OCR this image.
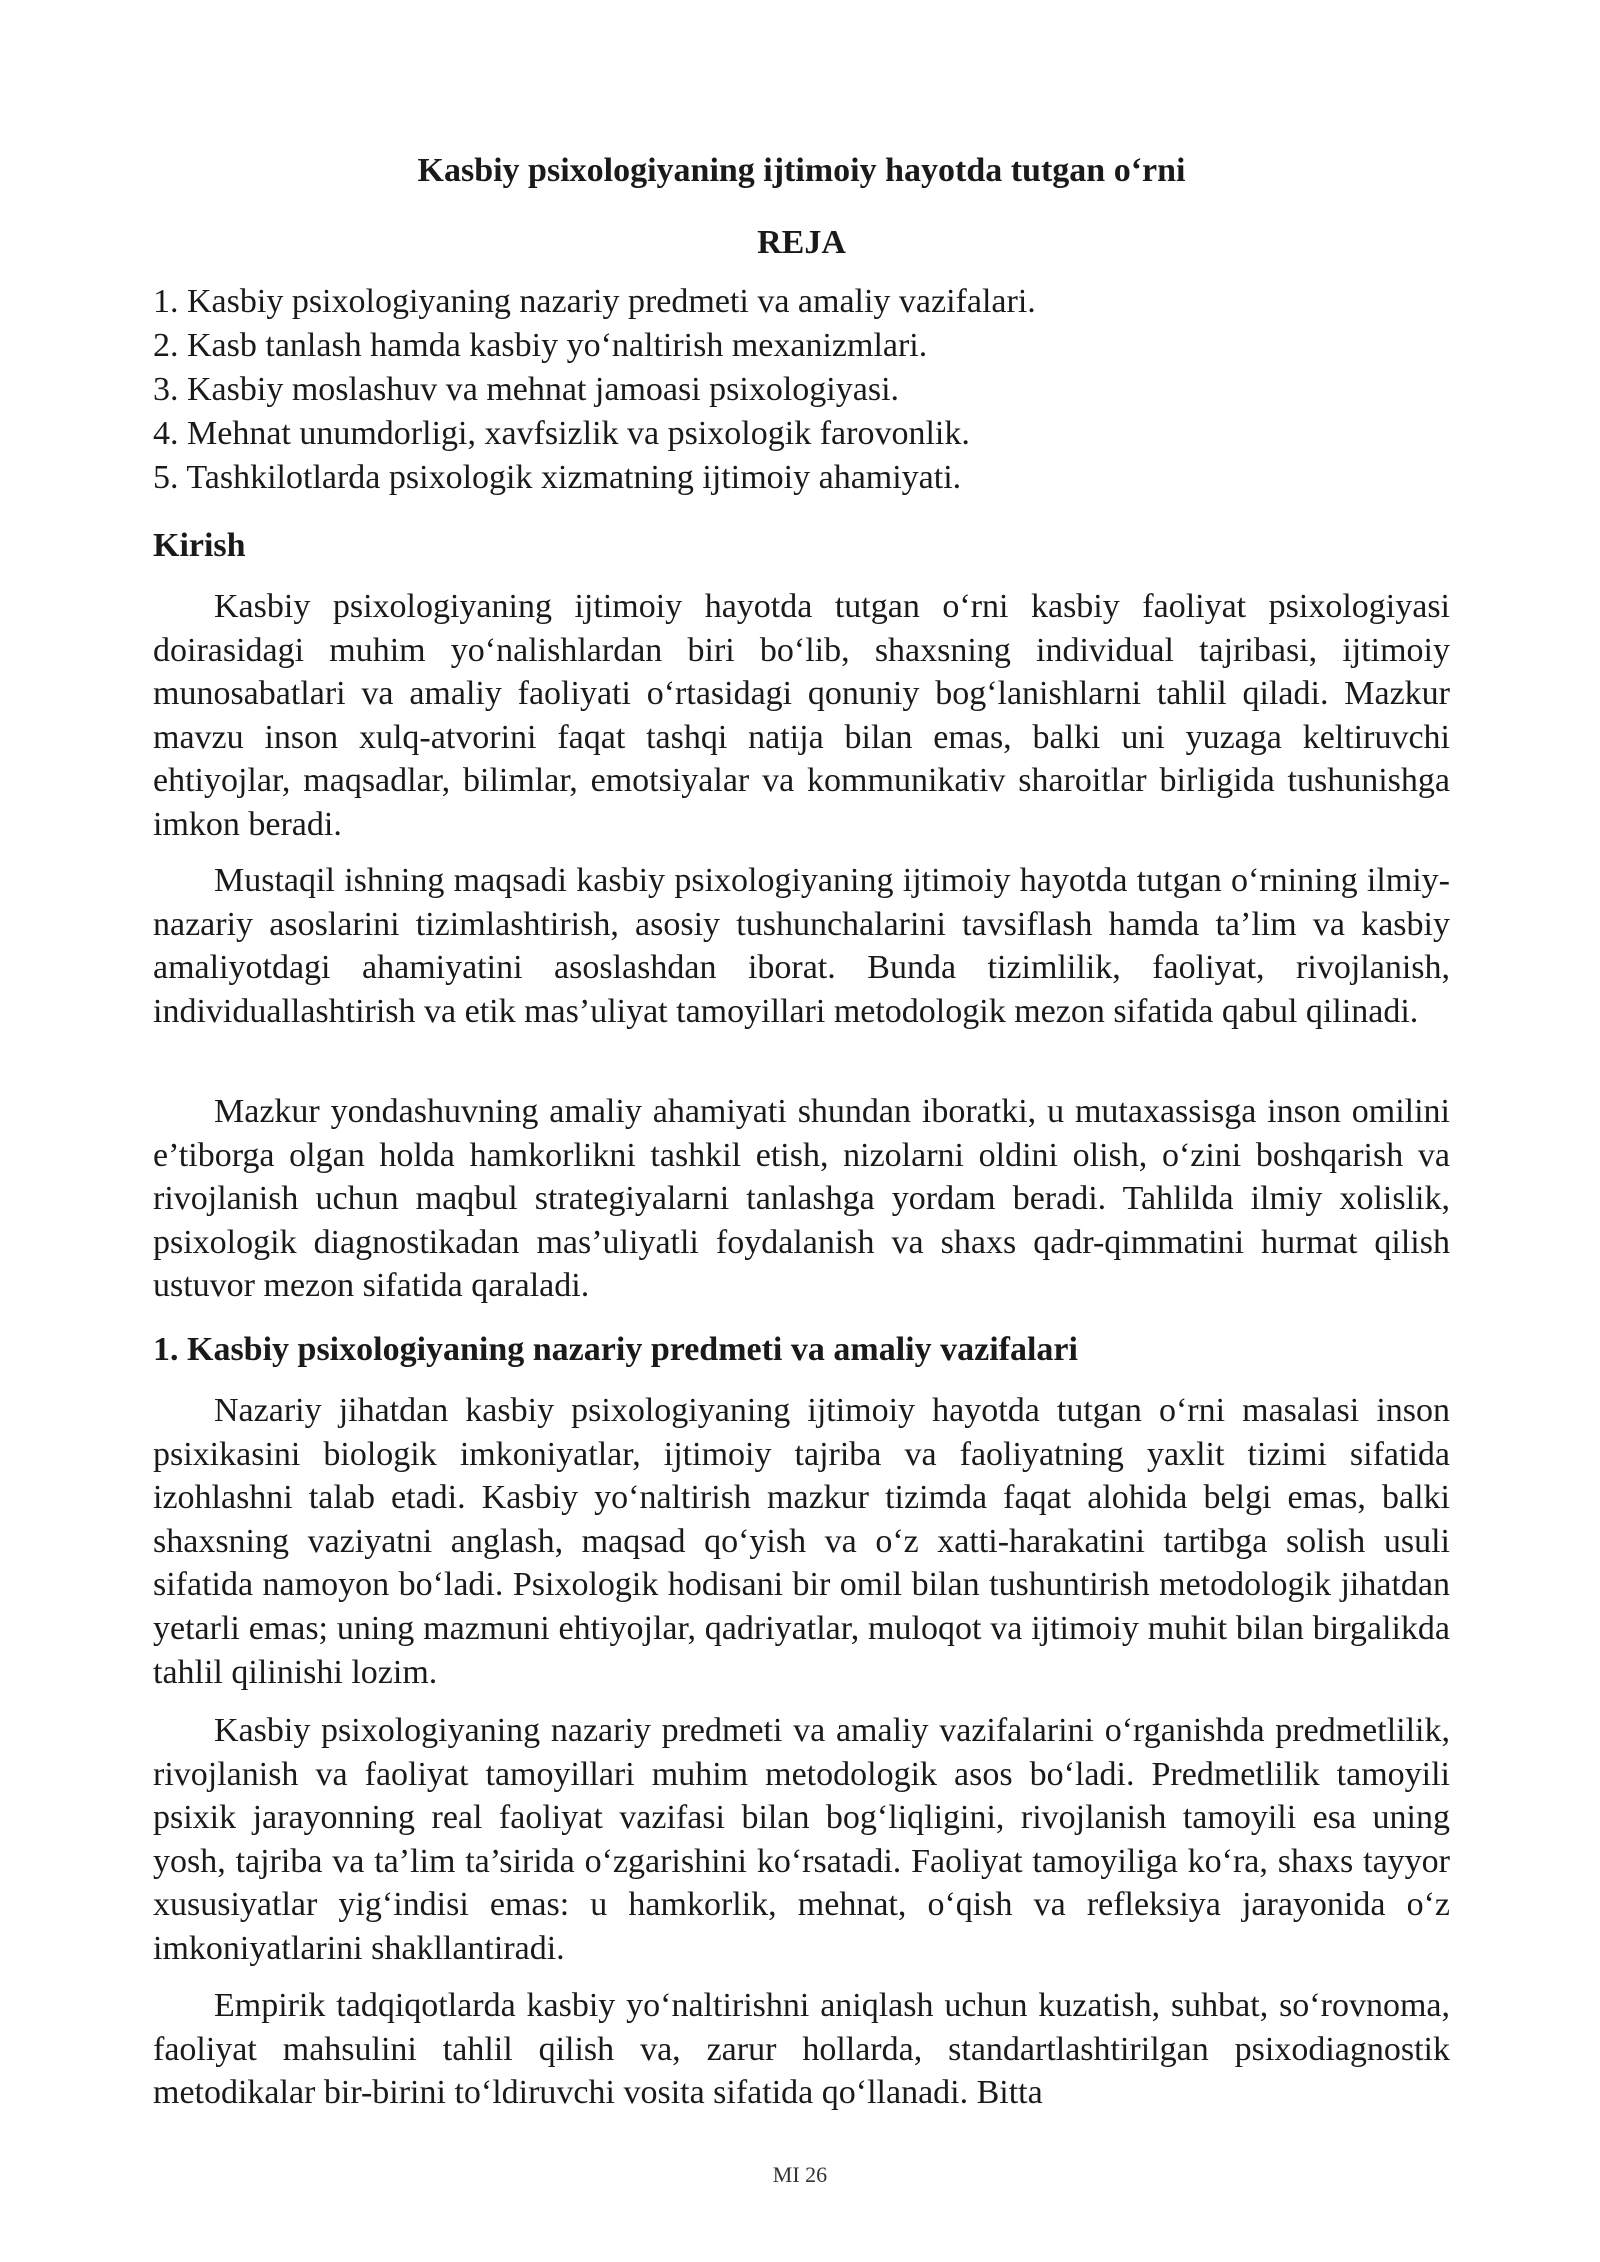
Kasbiy psixologiyaning ijtimoiy hayotda tutgan o‘rni
REJA
1. Kasbiy psixologiyaning nazariy predmeti va amaliy vazifalari.
2. Kasb tanlash hamda kasbiy yo‘naltirish mexanizmlari.
3. Kasbiy moslashuv va mehnat jamoasi psixologiyasi.
4. Mehnat unumdorligi, xavfsizlik va psixologik farovonlik.
5. Tashkilotlarda psixologik xizmatning ijtimoiy ahamiyati.
Kirish

Kasbiy psixologiyaning ijtimoiy hayotda tutgan o‘rni kasbiy faoliyat psixologiyasi doirasidagi muhim yo‘nalishlardan biri bo‘lib, shaxsning individual tajribasi, ijtimoiy munosabatlari va amaliy faoliyati o‘rtasidagi qonuniy bog‘lanishlarni tahlil qiladi. Mazkur mavzu inson xulq-atvorini faqat tashqi natija bilan emas, balki uni yuzaga keltiruvchi ehtiyojlar, maqsadlar, bilimlar, emotsiyalar va kommunikativ sharoitlar birligida tushunishga imkon beradi.

Mustaqil ishning maqsadi kasbiy psixologiyaning ijtimoiy hayotda tutgan o‘rnining ilmiy-nazariy asoslarini tizimlashtirish, asosiy tushunchalarini tavsiflash hamda ta’lim va kasbiy amaliyotdagi ahamiyatini asoslashdan iborat. Bunda tizimlilik, faoliyat, rivojlanish, individuallashtirish va etik mas’uliyat tamoyillari metodologik mezon sifatida qabul qilinadi.

Mazkur yondashuvning amaliy ahamiyati shundan iboratki, u mutaxassisga inson omilini e’tiborga olgan holda hamkorlikni tashkil etish, nizolarni oldini olish, o‘zini boshqarish va rivojlanish uchun maqbul strategiyalarni tanlashga yordam beradi. Tahlilda ilmiy xolislik, psixologik diagnostikadan mas’uliyatli foydalanish va shaxs qadr-qimmatini hurmat qilish ustuvor mezon sifatida qaraladi.

1. Kasbiy psixologiyaning nazariy predmeti va amaliy vazifalari

Nazariy jihatdan kasbiy psixologiyaning ijtimoiy hayotda tutgan o‘rni masalasi inson psixikasini biologik imkoniyatlar, ijtimoiy tajriba va faoliyatning yaxlit tizimi sifatida izohlashni talab etadi. Kasbiy yo‘naltirish mazkur tizimda faqat alohida belgi emas, balki shaxsning vaziyatni anglash, maqsad qo‘yish va o‘z xatti-harakatini tartibga solish usuli sifatida namoyon bo‘ladi. Psixologik hodisani bir omil bilan tushuntirish metodologik jihatdan yetarli emas; uning mazmuni ehtiyojlar, qadriyatlar, muloqot va ijtimoiy muhit bilan birgalikda tahlil qilinishi lozim.

Kasbiy psixologiyaning nazariy predmeti va amaliy vazifalarini o‘rganishda predmetlilik, rivojlanish va faoliyat tamoyillari muhim metodologik asos bo‘ladi. Predmetlilik tamoyili psixik jarayonning real faoliyat vazifasi bilan bog‘liqligini, rivojlanish tamoyili esa uning yosh, tajriba va ta’lim ta’sirida o‘zgarishini ko‘rsatadi. Faoliyat tamoyiliga ko‘ra, shaxs tayyor xususiyatlar yig‘indisi emas: u hamkorlik, mehnat, o‘qish va refleksiya jarayonida o‘z imkoniyatlarini shakllantiradi.

Empirik tadqiqotlarda kasbiy yo‘naltirishni aniqlash uchun kuzatish, suhbat, so‘rovnoma, faoliyat mahsulini tahlil qilish va, zarur hollarda, standartlashtirilgan psixodiagnostik metodikalar bir-birini to‘ldiruvchi vosita sifatida qo‘llanadi. Bitta

MI 26
